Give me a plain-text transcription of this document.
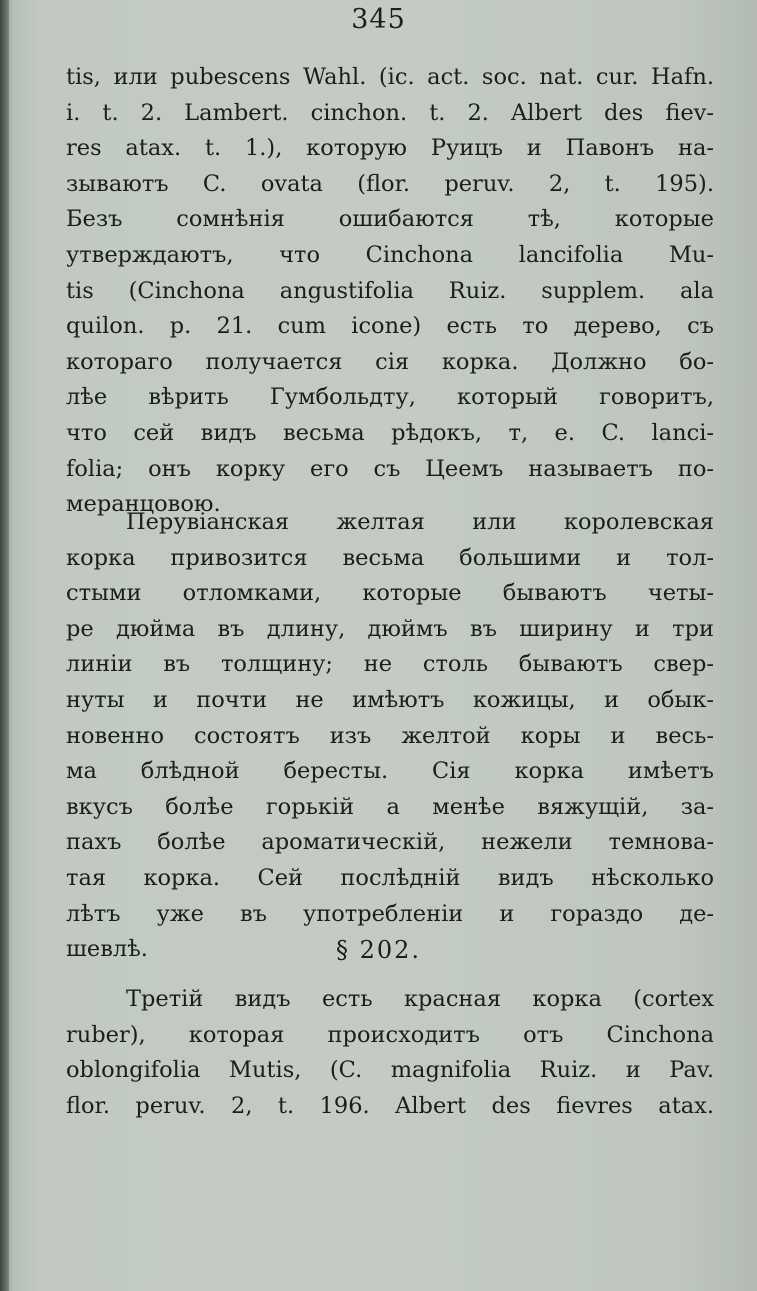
345
tis, или pubescens Wahl. (ic. act. soc. nat. cur. Hafn.
i. t. 2. Lambert. cinchon. t. 2. Albert des fiev-
res atax. t. 1.), которую Руицъ и Павонъ на-
зываютъ C. ovata (flor. peruv. 2, t. 195).
Безъ сомнѣнія ошибаются тѣ, которые
утверждаютъ, что Cinchona lancifolia Mu-
tis (Cinchona angustifolia Ruiz. supplem. ala
quilon. p. 21. cum icone) есть то дерево, съ
котораго получается сія корка. Должно бо-
лѣе вѣрить Гумбольдту, который говоритъ,
что сей видъ весьма рѣдокъ, т, е. C. lanci-
folia; онъ корку его съ Цеемъ называетъ по-
меранцовою.
Перувіанская желтая или королевская
корка привозится весьма большими и тол-
стыми отломками, которые бываютъ четы-
ре дюйма въ длину, дюймъ въ ширину и три
линіи въ толщину; не столь бываютъ свер-
нуты и почти не имѣютъ кожицы, и обык-
новенно состоятъ изъ желтой коры и весь-
ма блѣдной бересты. Сія корка имѣетъ
вкусъ болѣе горькій а менѣе вяжущій, за-
пахъ болѣе ароматическій, нежели темнова-
тая корка. Сей послѣдній видъ нѣсколько
лѣтъ уже въ употребленіи и гораздо де-
шевлѣ.	§ 202.
Третій видъ есть красная корка (cortex
ruber), которая происходитъ отъ Cinchona
oblongifolia Mutis, (C. magnifolia Ruiz. и Pav.
flor. peruv. 2, t. 196. Albert des fievres atax.
